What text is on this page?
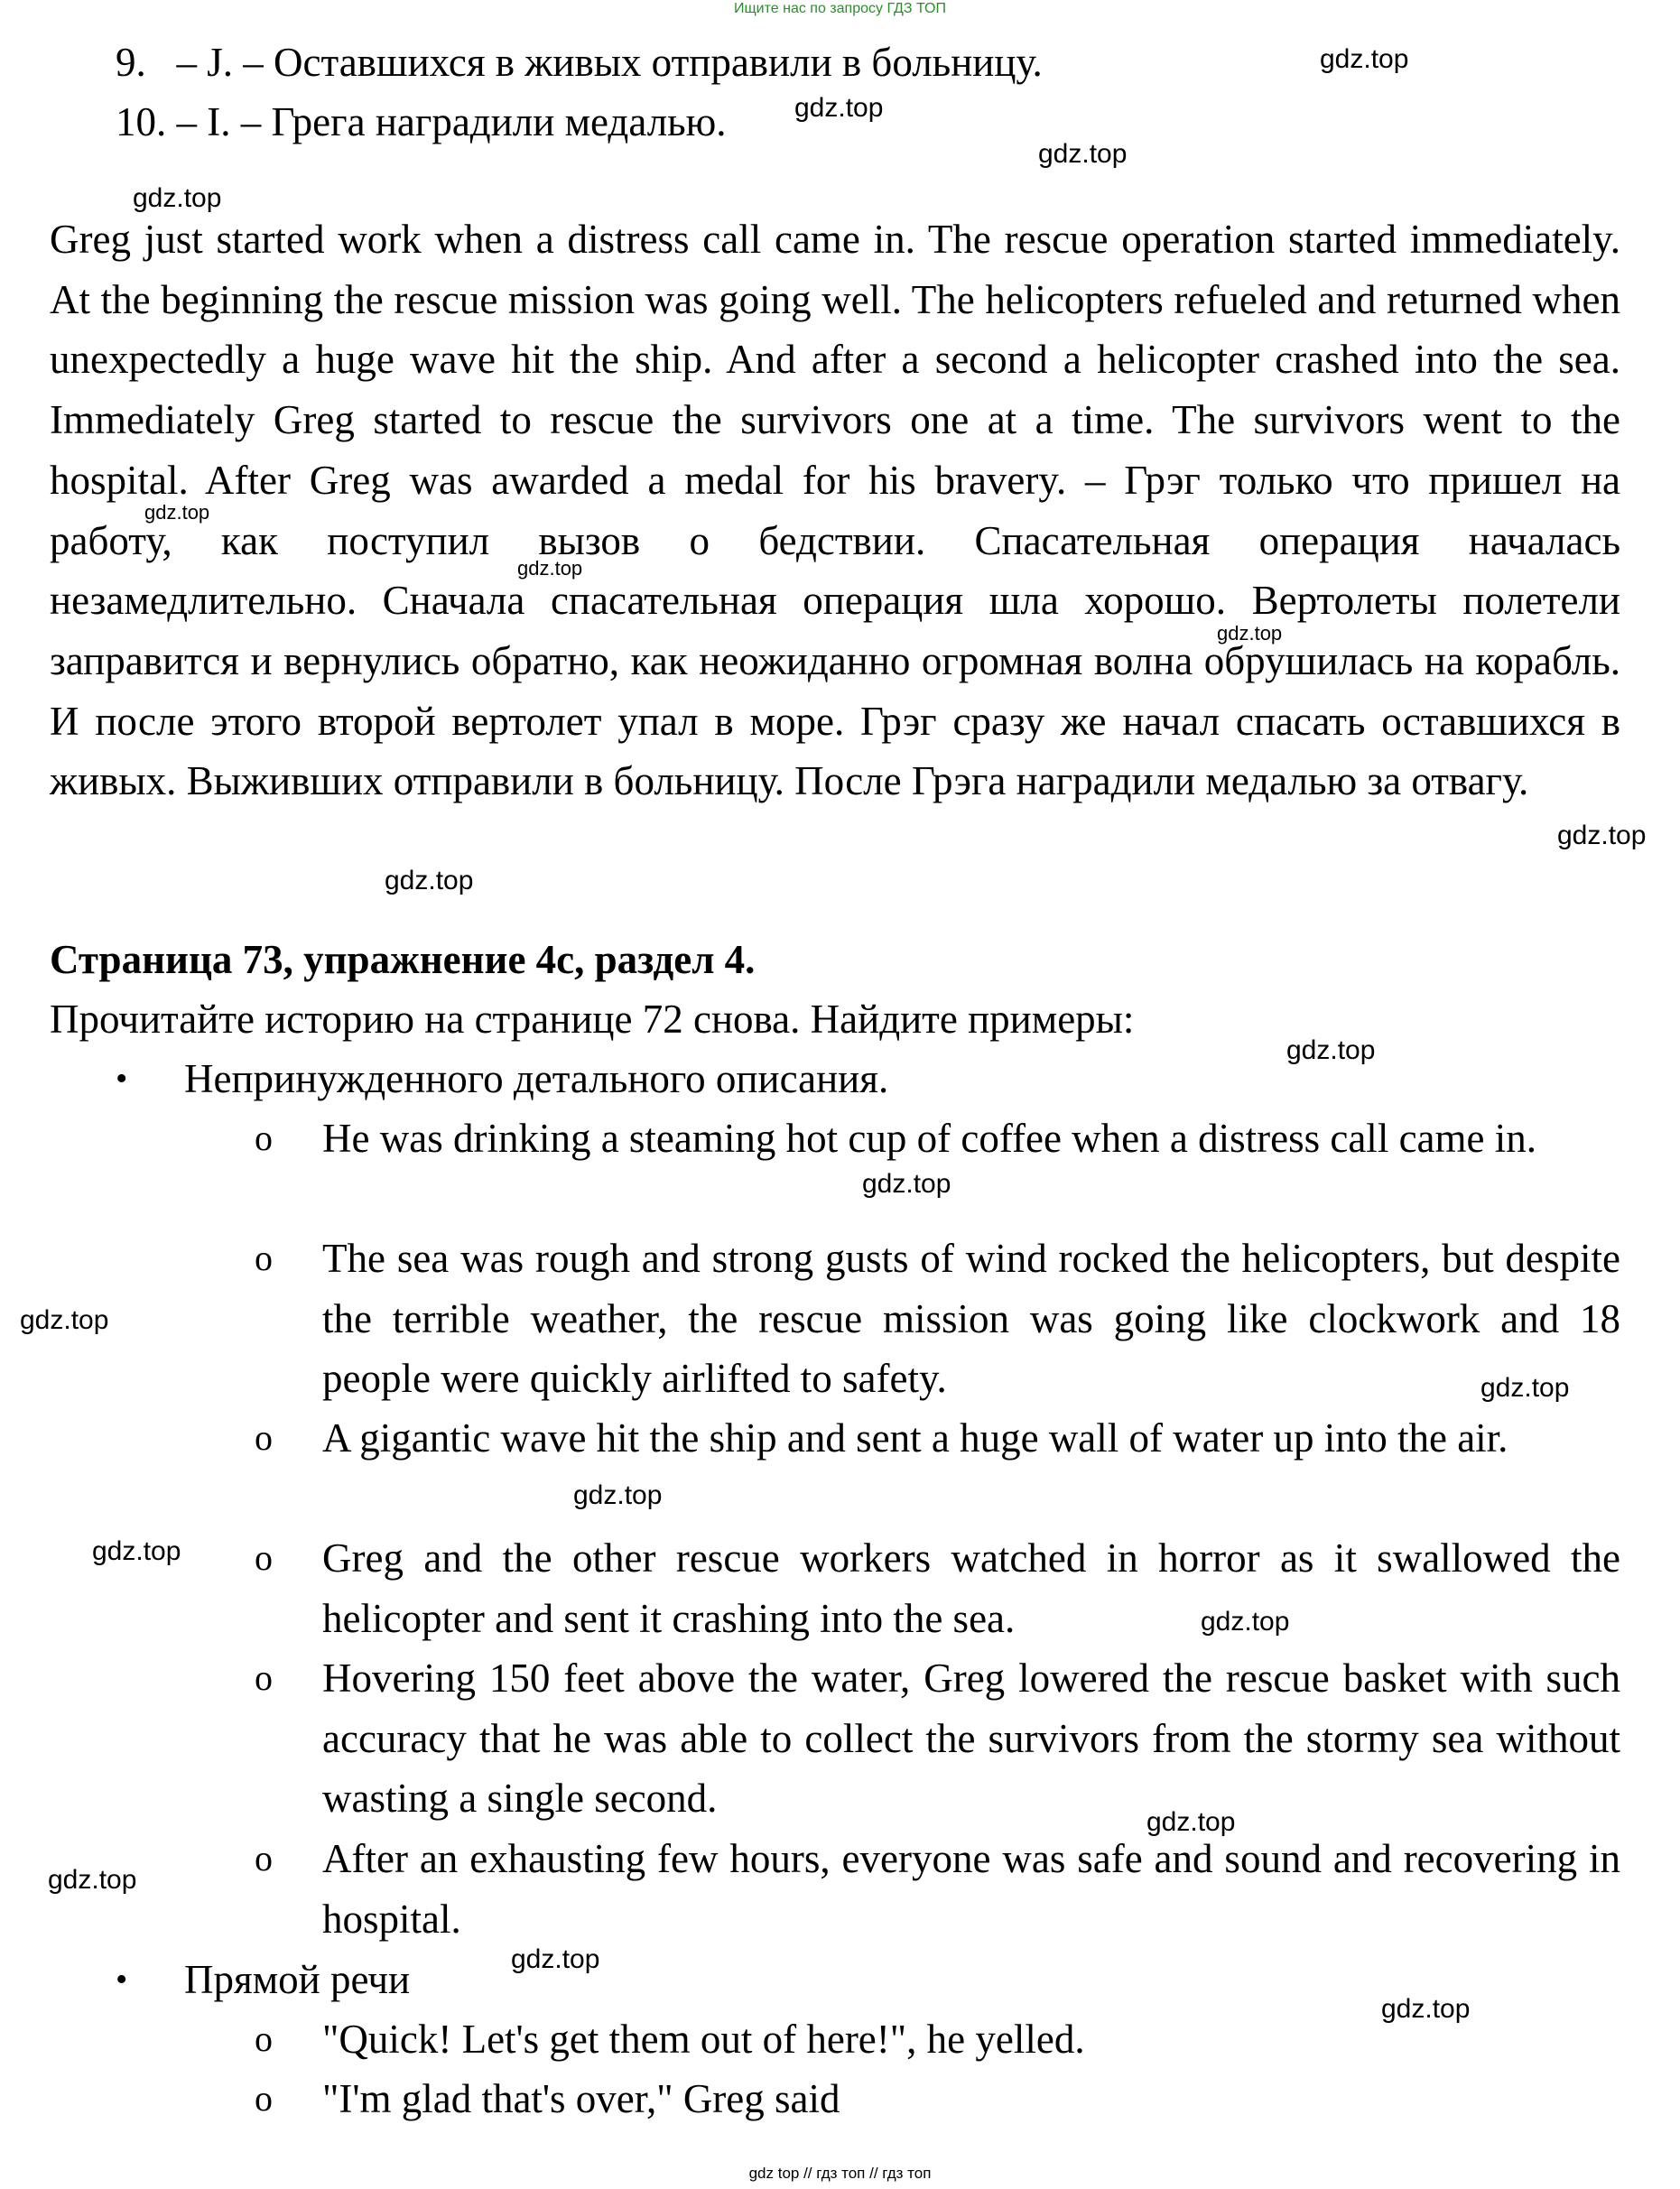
Ищите нас по запросу ГДЗ ТОП
9. – J. – Оставшихся в живых отправили в больницу.
10. – I. – Грега наградили медалью.
Greg just started work when a distress call came in. The rescue operation started immediately. At the beginning the rescue mission was going well. The helicopters refueled and returned when unexpectedly a huge wave hit the ship. And after a second a helicopter crashed into the sea. Immediately Greg started to rescue the survivors one at a time. The survivors went to the hospital. After Greg was awarded a medal for his bravery. – Грэг только что пришел на работу, как поступил вызов о бедствии. Спасательная операция началась незамедлительно. Сначала спасательная операция шла хорошо. Вертолеты полетели заправится и вернулись обратно, как неожиданно огромная волна обрушилась на корабль. И после этого второй вертолет упал в море. Грэг сразу же начал спасать оставшихся в живых. Выживших отправили в больницу. После Грэга наградили медалью за отвагу.
Страница 73, упражнение 4c, раздел 4.
Прочитайте историю на странице 72 снова. Найдите примеры:
• Непринужденного детального описания.
o He was drinking a steaming hot cup of coffee when a distress call came in.
o The sea was rough and strong gusts of wind rocked the helicopters, but despite the terrible weather, the rescue mission was going like clockwork and 18 people were quickly airlifted to safety.
o A gigantic wave hit the ship and sent a huge wall of water up into the air.
o Greg and the other rescue workers watched in horror as it swallowed the helicopter and sent it crashing into the sea.
o Hovering 150 feet above the water, Greg lowered the rescue basket with such accuracy that he was able to collect the survivors from the stormy sea without wasting a single second.
o After an exhausting few hours, everyone was safe and sound and recovering in hospital.
• Прямой речи
o "Quick! Let's get them out of here!", he yelled.
o "I'm glad that's over," Greg said
gdz.top
gdz.top
gdz.top
gdz.top
gdz.top
gdz.top
gdz.top
gdz.top
gdz.top
gdz.top
gdz.top
gdz.top
gdz.top
gdz.top
gdz.top
gdz.top
gdz.top
gdz.top
gdz.top
gdz.top
gdz top // гдз топ // гдз топ
